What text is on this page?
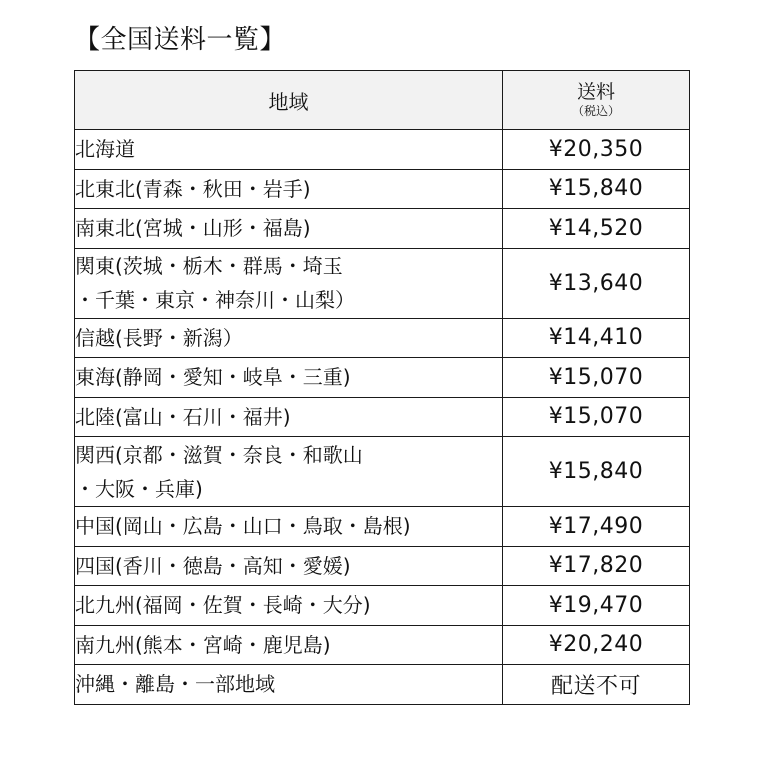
【全国送料一覧】
地域	送料
（税込）

北海道	¥20,350

北東北(青森・秋田・岩手)	¥15,840

南東北(宮城・山形・福島)	¥14,520

関東(茨城・栃木・群馬・埼玉
・千葉・東京・神奈川・山梨）	¥13,640

信越(長野・新潟）	¥14,410

東海(静岡・愛知・岐阜・三重)	¥15,070

北陸(富山・石川・福井)	¥15,070

関西(京都・滋賀・奈良・和歌山
・大阪・兵庫)	¥15,840

中国(岡山・広島・山口・鳥取・島根)	¥17,490

四国(香川・徳島・高知・愛媛)	¥17,820

北九州(福岡・佐賀・長崎・大分)	¥19,470

南九州(熊本・宮崎・鹿児島)	¥20,240

沖縄・離島・一部地域	配送不可
